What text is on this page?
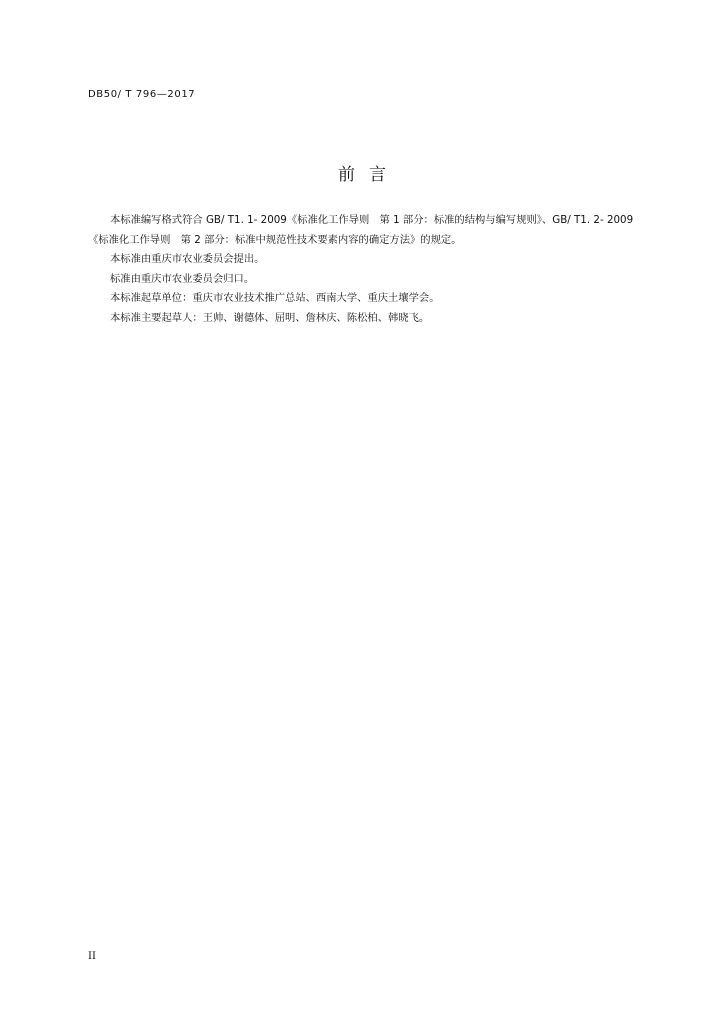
DB50/ T 796—2017
前言

本标准编写格式符合 GB/ T1. 1- 2009《标准化工作导则　第 1 部分：标准的结构与编写规则》、GB/ T1. 2- 2009《标准化工作导则　第 2 部分：标准中规范性技术要素内容的确定方法》的规定。

本标准由重庆市农业委员会提出。

标准由重庆市农业委员会归口。

本标准起草单位：重庆市农业技术推广总站、西南大学、重庆土壤学会。

本标准主要起草人：王帅、谢德体、屈明、詹林庆、陈松柏、韩晓飞。

II
